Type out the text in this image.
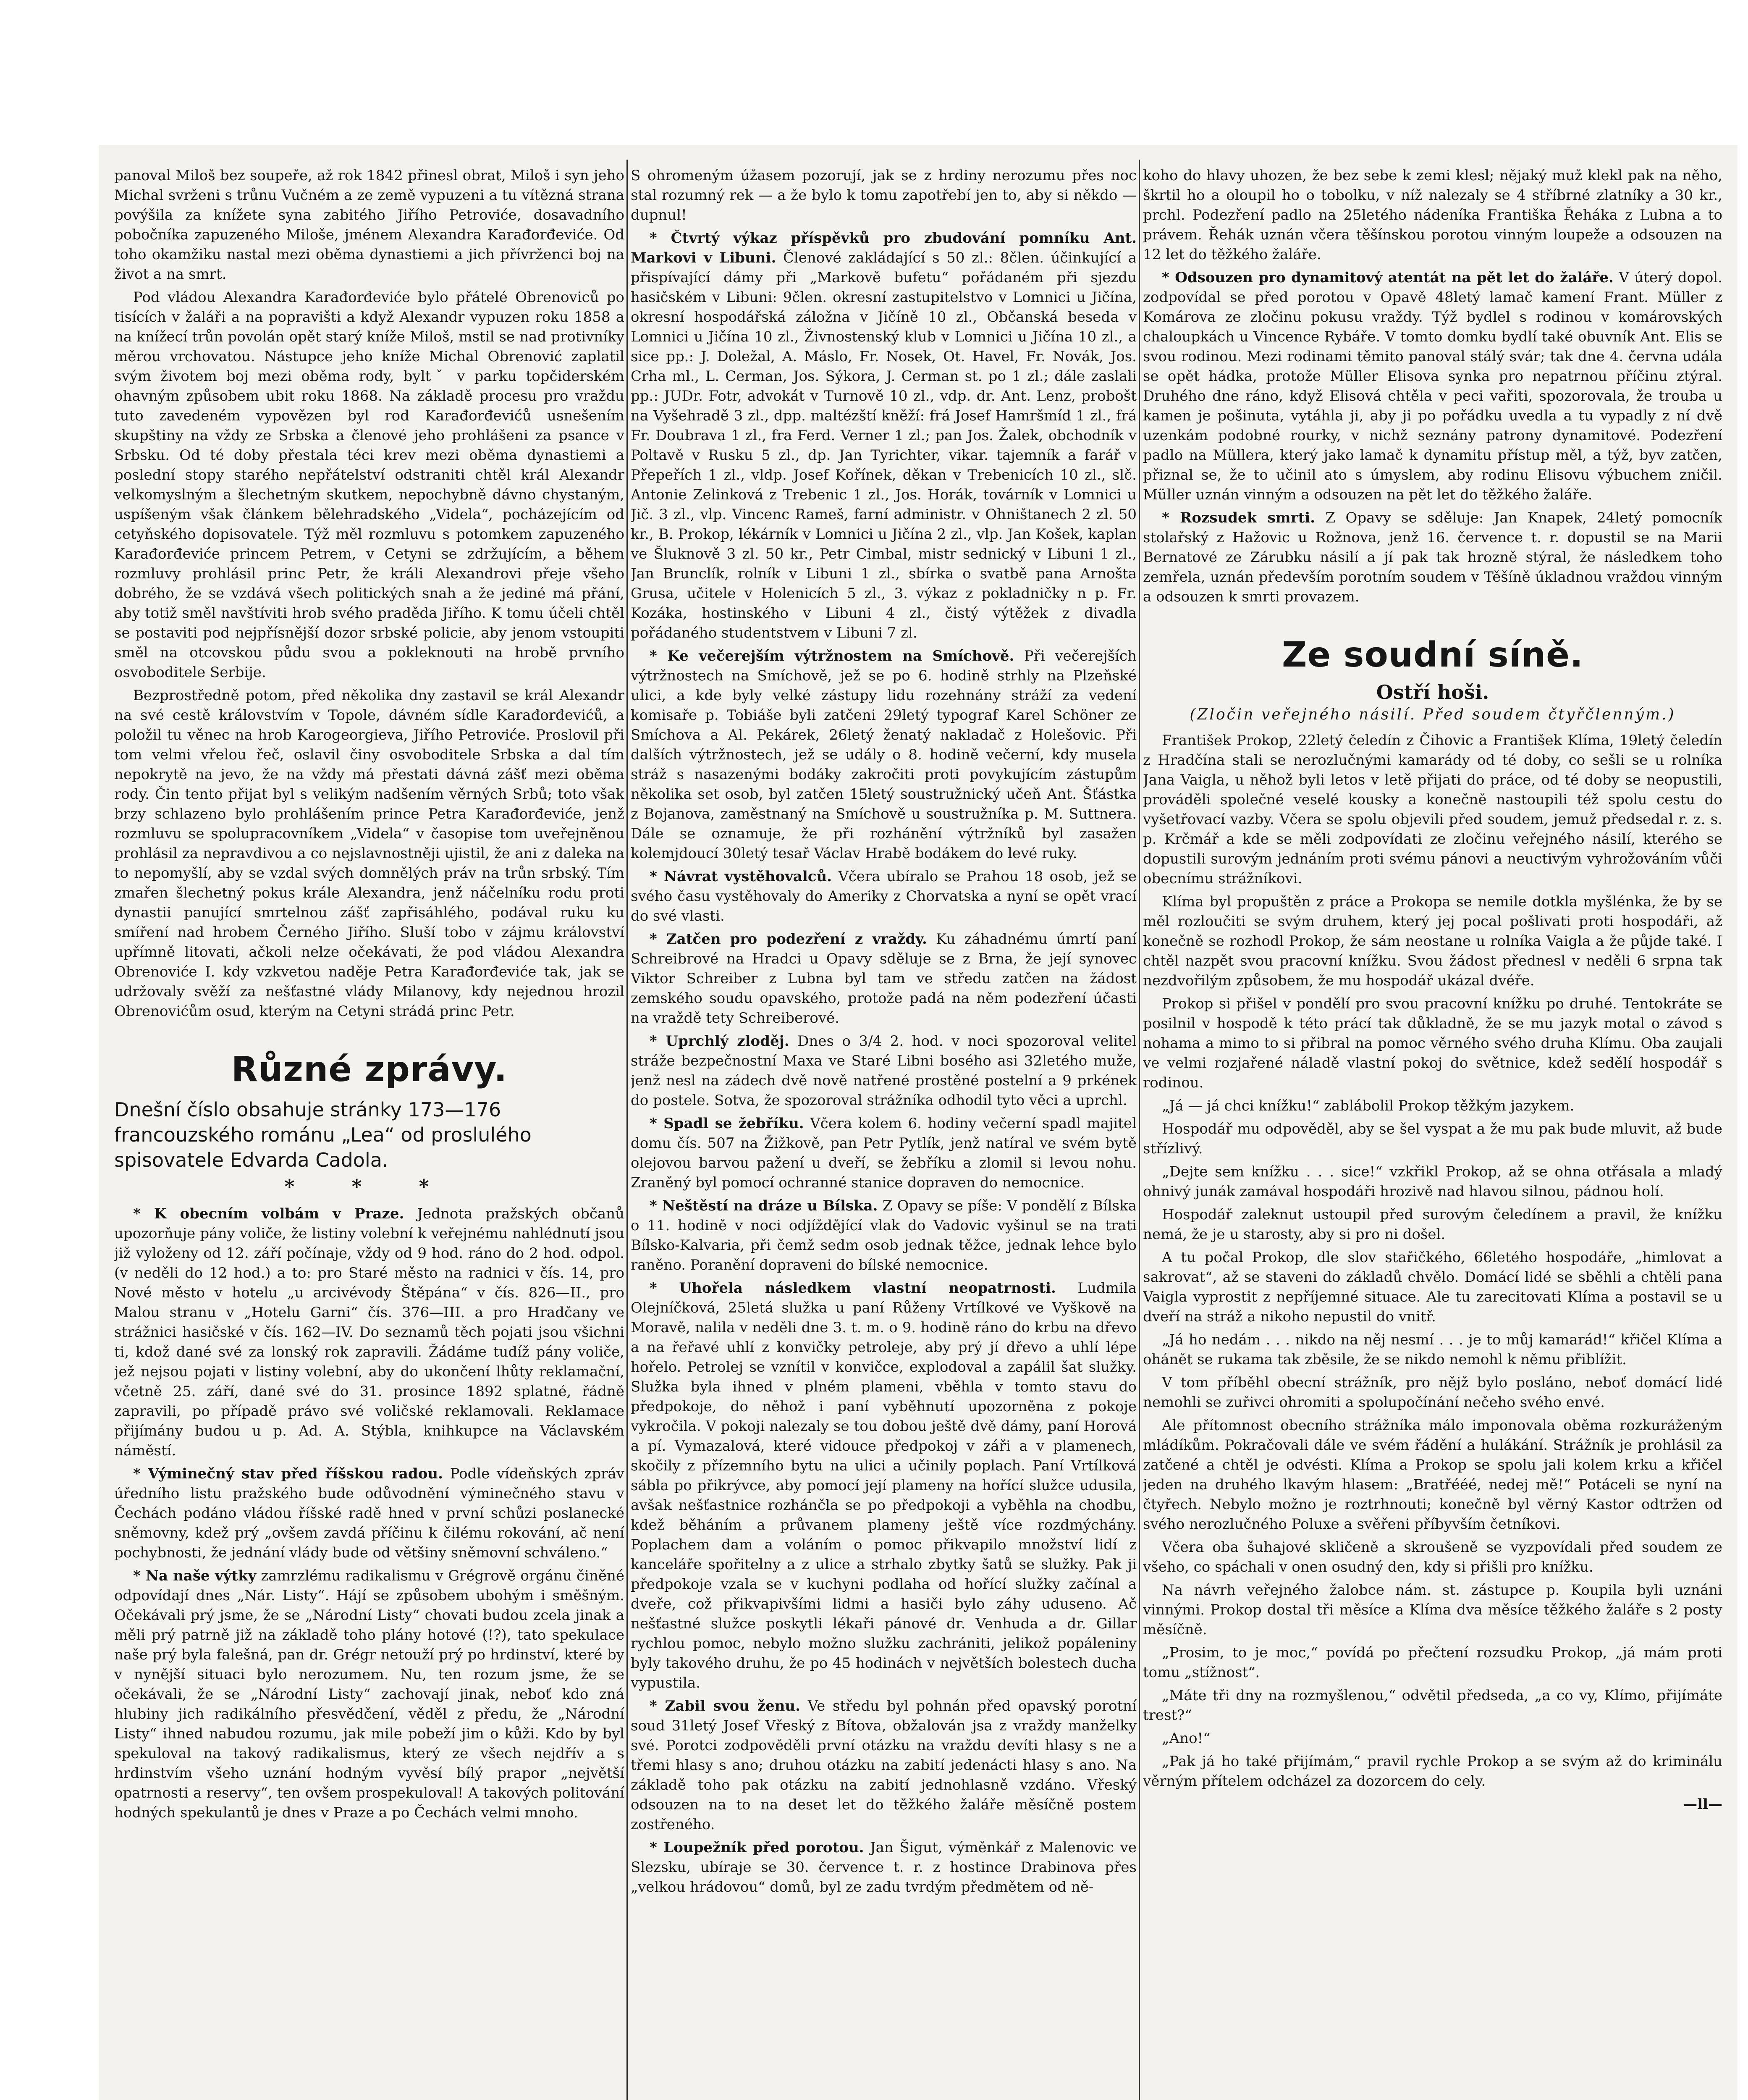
panoval Miloš bez soupeře, až rok 1842 přinesl obrat, Miloš i syn jeho Michal svrženi s trůnu Vučném a ze země vypuzeni a tu vítězná strana povýšila za knížete syna zabitého Jiřího Petroviće, dosavadního pobočníka zapuzeného Miloše, jménem Alexandra Karađorđeviće. Od toho okamžiku nastal mezi oběma dynastiemi a jich přívrženci boj na život a na smrt.

Pod vládou Alexandra Karađorđeviće bylo přátelé Obrenoviců po tisících v žaláři a na popravišti a když Alexandr vypuzen roku 1858 a na knížecí trůn povolán opět starý kníže Miloš, mstil se nad protivníky měrou vrchovatou. Nástupce jeho kníže Michal Obrenović zaplatil svým životem boj mezi oběma rody, byltˇ v parku topčiderském ohavným způsobem ubit roku 1868. Na základě procesu pro vraždu tuto zavedeném vypovězen byl rod Karađorđevićů usnešením skupštiny na vždy ze Srbska a členové jeho prohlášeni za psance v Srbsku. Od té doby přestala téci krev mezi oběma dynastiemi a poslední stopy starého nepřátelství odstraniti chtěl král Alexandr velkomyslným a šlechetným skutkem, nepochybně dávno chystaným, uspíšeným však článkem bělehradského „Videla“, pocházejícím od cetyňského dopisovatele. Týž měl rozmluvu s potomkem zapuzeného Karađorđeviće princem Petrem, v Cetyni se zdržujícím, a během rozmluvy prohlásil princ Petr, že králi Alexandrovi přeje všeho dobrého, že se vzdává všech politických snah a že jediné má přání, aby totiž směl navštíviti hrob svého pradědа Jiřího. K tomu účeli chtěl se postaviti pod nejpřísnější dozor srbské policie, aby jenom vstoupiti směl na otcovskou půdu svou a pokleknouti na hrobě prvního osvoboditele Serbije.

Bezprostředně potom, před několika dny zastavil se král Alexandr na své cestě královstvím v Topole, dávném sídle Karađorđevićů, a položil tu věnec na hrob Karogeorgieva, Jiřího Petroviće. Proslovil při tom velmi vřelou řeč, oslavil činy osvoboditele Srbska a dal tím nepokrytě na jevo, že na vždy má přestati dávná zášť mezi oběma rody. Čin tento přijat byl s velikým nadšením věrných Srbů; toto však brzy schlazeno bylo prohlášením prince Petra Karađorđeviće, jenž rozmluvu se spolupracovníkem „Videla“ v časopise tom uveřejněnou prohlásil za nepravdivou a co nejslavnostněji ujistil, že ani z daleka na to nepomyšlí, aby se vzdal svých domnělých práv na trůn srbský. Tím zmařen šlechetný pokus krále Alexandra, jenž náčelníku rodu proti dynastii panující smrtelnou zášť zapřisáhlého, podával ruku ku smíření nad hrobem Černého Jiřího. Sluší tobo v zájmu království upřímně litovati, ačkoli nelze očekávati, že pod vládou Alexandra Obrenoviće I. kdy vzkvetou naděje Petra Karađorđeviće tak, jak se udržovaly svěží za nešťastné vlády Milanovy, kdy nejednou hrozil Obrenovićům osud, kterým na Cetyni strádá princ Petr.

Různé zprávy.

Dnešní číslo obsahuje stránky 173—176 francouzského románu „Lea“ od proslulého spisovatele Edvarda Cadola.

* * *

* K obecním volbám v Praze. Jednota pražských občanů upozorňuje pány voliče, že listiny volební k veřejnému nahlédnutí jsou již vyloženy od 12. září počínaje, vždy od 9 hod. ráno do 2 hod. odpol. (v neděli do 12 hod.) a to: pro Staré město na radnici v čís. 14, pro Nové město v hotelu „u arcivévody Štěpána“ v čís. 826—II., pro Malou stranu v „Hotelu Garni“ čís. 376—III. a pro Hradčany ve strážnici hasičské v čís. 162—IV. Do seznamů těch pojati jsou všichni ti, kdož dané své za lonský rok zapravili. Žádáme tudíž pány voliče, jež nejsou pojati v listiny volební, aby do ukončení lhůty reklamační, včetně 25. září, dané své do 31. prosince 1892 splatné, řádně zapravili, po případě právo své voličské reklamovali. Reklamace přijímány budou u p. Ad. A. Stýbla, knihkupce na Václavském náměstí.

* Výminečný stav před říšskou radou. Podle vídeňských zpráv úředního listu pražského bude odůvodnění výminečného stavu v Čechách podáno vládou říšské radě hned v první schůzi poslanecké sněmovny, kdež prý „ovšem zavdá příčinu k čilému rokování, ač není pochybnosti, že jednání vlády bude od většiny sněmovní schváleno.“

* Na naše výtky zamrzlému radikalismu v Grégrově orgánu činěné odpovídají dnes „Nár. Listy“. Hájí se způsobem ubohým i směšným. Očekávali prý jsme, že se „Národní Listy“ chovati budou zcela jinak a měli prý patrně již na základě toho plány hotové (!?), tato spekulace naše prý byla falešná, pan dr. Grégr netouží prý po hrdinství, které by v nynější situaci bylo nerozumem. Nu, ten rozum jsme, že se očekávali, že se „Národní Listy“ zachovají jinak, neboť kdo zná hlubiny jich radikálního přesvědčení, věděl z předu, že „Národní Listy“ ihned nabudou rozumu, jak mile pobeží jim o kůži. Kdo by byl spekuloval na takový radikalismus, který ze všech nejdřív a s hrdinstvím všeho uznání hodným vyvěsí bílý prapor „největší opatrnosti a reservy“, ten ovšem prospekuloval! A takových politování hodných spekulantů je dnes v Praze a po Čechách velmi mnoho.

S ohromeným úžasem pozorují, jak se z hrdiny nerozumu přes noc stal rozumný rek — a že bylo k tomu zapotřebí jen to, aby si někdo — dupnul!

* Čtvrtý výkaz příspěvků pro zbudování pomníku Ant. Markovi v Libuni. Členové zakládající s 50 zl.: 8člen. účinkující a přispívající dámy při „Markově bufetu“ pořádaném při sjezdu hasičském v Libuni: 9člen. okresní zastupitelstvo v Lomnici u Jičína, okresní hospodářská záložna v Jičíně 10 zl., Občanská beseda v Lomnici u Jičína 10 zl., Živnostenský klub v Lomnici u Jičína 10 zl., a sice pp.: J. Doležal, A. Máslo, Fr. Nosek, Ot. Havel, Fr. Novák, Jos. Crha ml., L. Cerman, Jos. Sýkora, J. Cerman st. po 1 zl.; dále zaslali pp.: JUDr. Fotr, advokát v Turnově 10 zl., vdp. dr. Ant. Lenz, probošt na Vyšehradě 3 zl., dpp. maltézští kněží: frá Josef Hamršmíd 1 zl., frá Fr. Doubrava 1 zl., fra Ferd. Verner 1 zl.; pan Jos. Žalek, obchodník v Poltavě v Rusku 5 zl., dp. Jan Tyrichter, vikar. tajemník a farář v Přepeřích 1 zl., vldp. Josef Kořínek, děkan v Trebenicích 10 zl., slč. Antonie Zelinková z Trebenic 1 zl., Jos. Horák, továrník v Lomnici u Jič. 3 zl., vlp. Vincenc Rameš, farní administr. v Ohništanech 2 zl. 50 kr., B. Prokop, lékárník v Lomnici u Jičína 2 zl., vlp. Jan Košek, kaplan ve Šluknově 3 zl. 50 kr., Petr Cimbal, mistr sednický v Libuni 1 zl., Jan Brunclík, rolník v Libuni 1 zl., sbírka o svatbě pana Arnošta Grusa, učitele v Holenicích 5 zl., 3. výkaz z pokladničky n p. Fr. Kozáka, hostinského v Libuni 4 zl., čistý výtěžek z divadla pořádaného studentstvem v Libuni 7 zl.

* Ke večerejším výtržnostem na Smíchově. Při večerejších výtržnostech na Smíchově, jež se po 6. hodině strhly na Plzeňské ulici, a kde byly velké zástupy lidu rozehnány stráží za vedení komisaře p. Tobiáše byli zatčeni 29letý typograf Karel Schöner ze Smíchova a Al. Pekárek, 26letý ženatý nakladač z Holešovic. Při dalších výtržnostech, jež se udály o 8. hodině večerní, kdy musela stráž s nasazenými bodáky zakročiti proti povykujícím zástupům několika set osob, byl zatčen 15letý soustružnický učeň Ant. Šťástka z Bojanova, zaměstnaný na Smíchově u soustružníka p. M. Suttnera. Dále se oznamuje, že při rozhánění výtržníků byl zasažen kolemjdoucí 30letý tesař Václav Hrabě bodákem do levé ruky.

* Návrat vystěhovalců. Včera ubíralo se Prahou 18 osob, jež se svého času vystěhovaly do Ameriky z Chorvatska a nyní se opět vrací do své vlasti.

* Zatčen pro podezření z vraždy. Ku záhadnému úmrtí paní Schreibrové na Hradci u Opavy sděluje se z Brna, že její synovec Viktor Schreiber z Lubna byl tam ve středu zatčen na žádost zemského soudu opavského, protože padá na něm podezření účasti na vraždě tety Schreiberové.

* Uprchlý zloděj. Dnes o 3/4 2. hod. v noci spozoroval velitel stráže bezpečnostní Maxa ve Staré Libni bosého asi 32letého muže, jenž nesl na zádech dvě nově natřené prostěné postelní a 9 prkének do postele. Sotva, že spozoroval strážníka odhodil tyto věci a uprchl.

* Spadl se žebříku. Včera kolem 6. hodiny večerní spadl majitel domu čís. 507 na Žižkově, pan Petr Pytlík, jenž natíral ve svém bytě olejovou barvou pažení u dveří, se žebříku a zlomil si levou nohu. Zraněný byl pomocí ochranné stanice dopraven do nemocnice.

* Neštěstí na dráze u Bílska. Z Opavy se píše: V pondělí z Bílska o 11. hodině v noci odjíždějící vlak do Vadovic vyšinul se na trati Bílsko-Kalvaria, při čemž sedm osob jednak těžce, jednak lehce bylo raněno. Poranění dopraveni do bílské nemocnice.

* Uhořela následkem vlastní neopatrnosti. Ludmila Olejníčková, 25letá služka u paní Růženy Vrtílkové ve Vyškově na Moravě, nalila v neděli dne 3. t. m. o 9. hodině ráno do krbu na dřevo a na řeřavé uhlí z konvičky petroleje, aby prý jí dřevo a uhlí lépe hořelo. Petrolej se vznítil v konvičce, explodoval a zapálil šat služky. Služka byla ihned v plném plameni, vběhla v tomto stavu do předpokoje, do něhož i paní vyběhnutí upozorněna z pokoje vykročila. V pokoji nalezaly se tou dobou ještě dvě dámy, paní Horová a pí. Vymazalová, které vidouce předpokoj v záři a v plamenech, skočily z přízemního bytu na ulici a učinily poplach. Paní Vrtílková sábla po přikrývce, aby pomocí její plameny na hořící služce udusila, avšak nešťastnice rozhánčla se po předpokoji a vyběhla na chodbu, kdež běháním a průvanem plameny ještě více rozdmýchány. Poplachem dam a voláním o pomoc přikvapilo množství lidí z kanceláře spořitelny a z ulice a strhalo zbytky šatů se služky. Pak ji předpokoje vzala se v kuchyni podlaha od hořící služky začínal a dveře, což přikvapivšími lidmi a hasiči bylo záhy uduseno. Ač nešťastné služce poskytli lékaři pánové dr. Venhuda a dr. Gillar rychlou pomoc, nebylo možno služku zachrániti, jelikož popáleniny byly takového druhu, že po 45 hodinách v největších bolestech ducha vypustila.

* Zabil svou ženu. Ve středu byl pohnán před opavský porotní soud 31letý Josef Vřeský z Bítova, obžalován jsa z vraždy manželky své. Porotci zodpověděli první otázku na vraždu devíti hlasy s ne a třemi hlasy s ano; druhou otázku na zabití jedenácti hlasy s ano. Na základě toho pak otázku na zabití jednohlasně vzdáno. Vřeský odsouzen na to na deset let do těžkého žaláře měsíčně postem zostřeného.

* Loupežník před porotou. Jan Šigut, výměnkář z Malenovic ve Slezsku, ubíraje se 30. července t. r. z hostince Drabinova přes „velkou hrádovou“ domů, byl ze zadu tvrdým předmětem od ně-

koho do hlavy uhozen, že bez sebe k zemi klesl; nějaký muž klekl pak na něho, škrtil ho a oloupil ho o tobolku, v níž nalezaly se 4 stříbrné zlatníky a 30 kr., prchl. Podezření padlo na 25letého nádeníka Františka Řeháka z Lubna a to právem. Řehák uznán včera těšínskou porotou vinným loupeže a odsouzen na 12 let do těžkého žaláře.

* Odsouzen pro dynamitový atentát na pět let do žaláře. V úterý dopol. zodpovídal se před porotou v Opavě 48letý lamač kamení Frant. Müller z Komárova ze zločinu pokusu vraždy. Týž bydlel s rodinou v komárovských chaloupkách u Vincence Rybáře. V tomto domku bydlí také obuvník Ant. Elis se svou rodinou. Mezi rodinami těmito panoval stálý svár; tak dne 4. června udála se opět hádka, protože Müller Elisova synka pro nepatrnou příčinu ztýral. Druhého dne ráno, když Elisová chtěla v peci vařiti, spozorovala, že trouba u kamen je pošinuta, vytáhla ji, aby ji po pořádku uvedla a tu vypadly z ní dvě uzenkám podobné rourky, v nichž seznány patrony dynamitové. Podezření padlo na Müllera, který jako lamač k dynamitu přístup měl, a týž, byv zatčen, přiznal se, že to učinil ato s úmyslem, aby rodinu Elisovu výbuchem zničil. Müller uznán vinným a odsouzen na pět let do těžkého žaláře.

* Rozsudek smrti. Z Opavy se sděluje: Jan Knapek, 24letý pomocník stolařský z Hažovic u Rožnova, jenž 16. července t. r. dopustil se na Marii Bernatové ze Zárubku násilí a jí pak tak hrozně stýral, že následkem toho zemřela, uznán především porotním soudem v Těšíně úkladnou vraždou vinným a odsouzen k smrti provazem.

Ze soudní síně.

Ostří hoši.

(Zločin veřejného násilí. Před soudem čtyřčlenným.)

František Prokop, 22letý čeledín z Čihovic a František Klíma, 19letý čeledín z Hradčína stali se nerozlučnými kamarády od té doby, co sešli se u rolníka Jana Vaigla, u něhož byli letos v letě přijati do práce, od té doby se neopustili, prováděli společné veselé kousky a konečně nastoupili též spolu cestu do vyšetřovací vazby. Včera se spolu objevili před soudem, jemuž předsedal r. z. s. p. Krčmář a kde se měli zodpovídati ze zločinu veřejného násilí, kterého se dopustili surovým jednáním proti svému pánovi a neuctivým vyhrožováním vůči obecnímu strážníkovi.

Klíma byl propuštěn z práce a Prokopa se nemile dotkla myšlénka, že by se měl rozloučiti se svým druhem, který jej pocal pošlivati proti hospodáři, až konečně se rozhodl Prokop, že sám neostane u rolníka Vaigla a že půjde také. I chtěl nazpět svou pracovní knížku. Svou žádost přednesl v neděli 6 srpna tak nezdvořilým způsobem, že mu hospodář ukázal dvéře.

Prokop si přišel v pondělí pro svou pracovní knížku po druhé. Tentokráte se posilnil v hospodě k této prácí tak důkladně, že se mu jazyk motal o závod s nohama a mimo to si přibral na pomoc věrného svého druha Klímu. Oba zaujali ve velmi rozjařené náladě vlastní pokoj do světnice, kdež sedělí hospodář s rodinou.

„Já — já chci knížku!“ zablábolil Prokop těžkým jazykem.

Hospodář mu odpověděl, aby se šel vyspat a že mu pak bude mluvit, až bude střízlivý.

„Dejte sem knížku . . . sice!“ vzkřikl Prokop, až se ohna otřásala a mladý ohnivý junák zamával hospodáři hrozivě nad hlavou silnou, pádnou holí.

Hospodář zaleknut ustoupil před surovým čeledínem a pravil, že knížku nemá, že je u starosty, aby si pro ni došel.

A tu počal Prokop, dle slov stařičkého, 66letého hospodáře, „himlovat a sakrovat“, až se staveni do základů chvělo. Domácí lidé se sběhli a chtěli pana Vaigla vyprostit z nepříjemné situace. Ale tu zarecitovati Klíma a postavil se u dveří na stráž a nikoho nepustil do vnitř.

„Já ho nedám . . . nikdo na něj nesmí . . . je to můj kamarád!“ křičel Klíma a ohánět se rukama tak zběsile, že se nikdo nemohl k němu přiblížit.

V tom příběhl obecní strážník, pro nějž bylo posláno, neboť domácí lidé nemohli se zuřivci ohromiti a spolupočínání nečeho svého envé.

Ale přítomnost obecního strážníka málo imponovala oběma rozkuráženým mládíkům. Pokračovali dále ve svém řádění a hulákání. Strážník je prohlásil za zatčené a chtěl je odvésti. Klíma a Prokop se spolu jali kolem krku a křičel jeden na druhého lkavým hlasem: „Bratřééé, nedej mě!“ Potáceli se nyní na čtyřech. Nebylo možno je roztrhnouti; konečně byl věrný Kastor odtržen od svého nerozlučného Poluxe a svěřeni příbyvším četníkovi.

Včera oba šuhajové skličeně a skroušeně se vyzpovídali před soudem ze všeho, co spáchali v onen osudný den, kdy si přišli pro knížku.

Na návrh veřejného žalobce nám. st. zástupce p. Koupila byli uznáni vinnými. Prokop dostal tři měsíce a Klíma dva měsíce těžkého žaláře s 2 posty měsíčně.

„Prosim, to je moc,“ povídá po přečtení rozsudku Prokop, „já mám proti tomu „stížnost“.

„Máte tři dny na rozmyšlenou,“ odvětil předseda, „a co vy, Klímo, přijímáte trest?“

„Ano!“

„Pak já ho také přijímám,“ pravil rychle Prokop a se svým až do kriminálu věrným přítelem odcházel za dozorcem do cely.

—ll—
